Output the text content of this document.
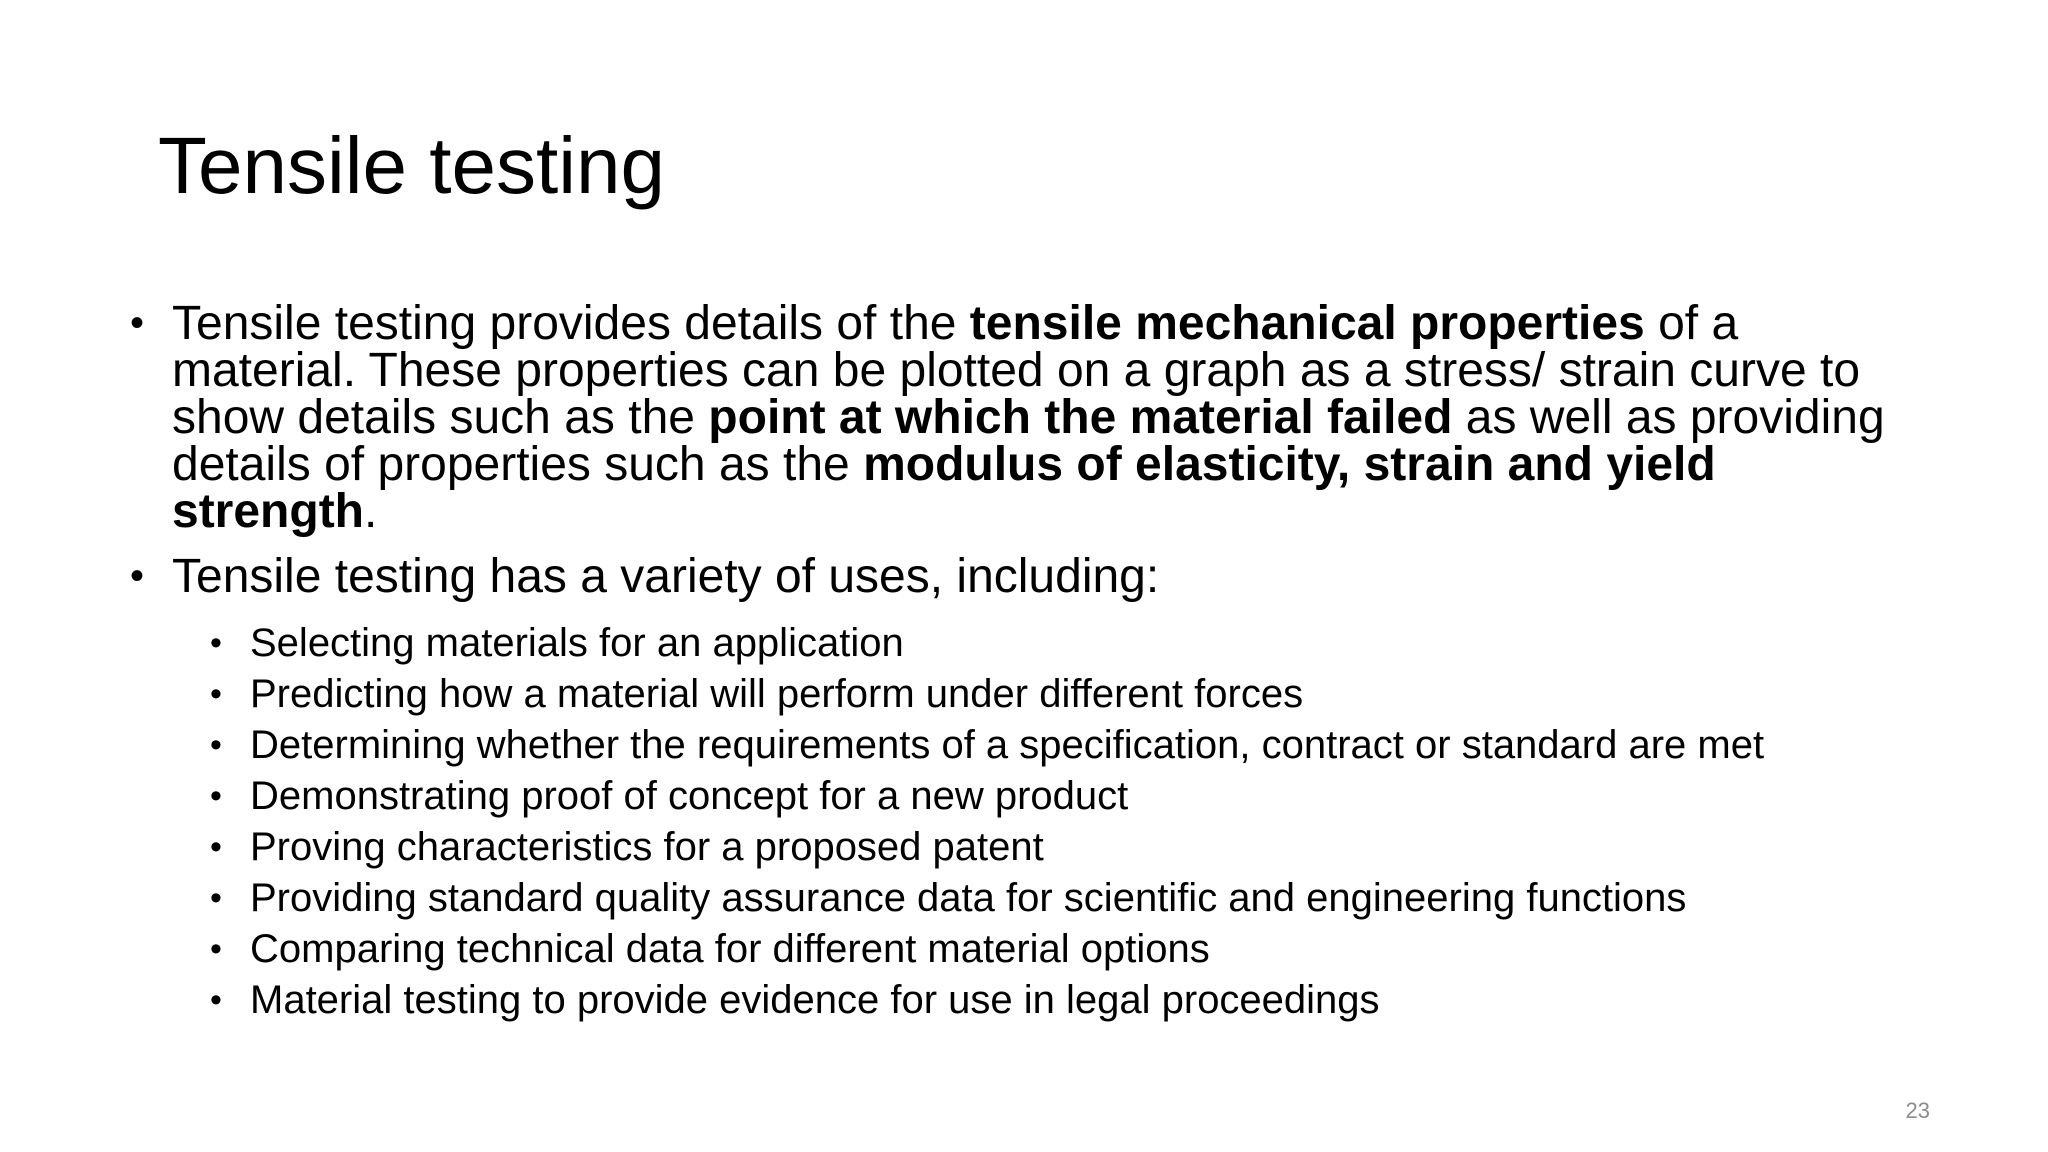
Tensile testing
• Tensile testing provides details of the tensile mechanical properties of a material. These properties can be plotted on a graph as a stress/ strain curve to show details such as the point at which the material failed as well as providing details of properties such as the modulus of elasticity, strain and yield strength.
• Tensile testing has a variety of uses, including:
• Selecting materials for an application
• Predicting how a material will perform under different forces
• Determining whether the requirements of a specification, contract or standard are met
• Demonstrating proof of concept for a new product
• Proving characteristics for a proposed patent
• Providing standard quality assurance data for scientific and engineering functions
• Comparing technical data for different material options
• Material testing to provide evidence for use in legal proceedings
23
